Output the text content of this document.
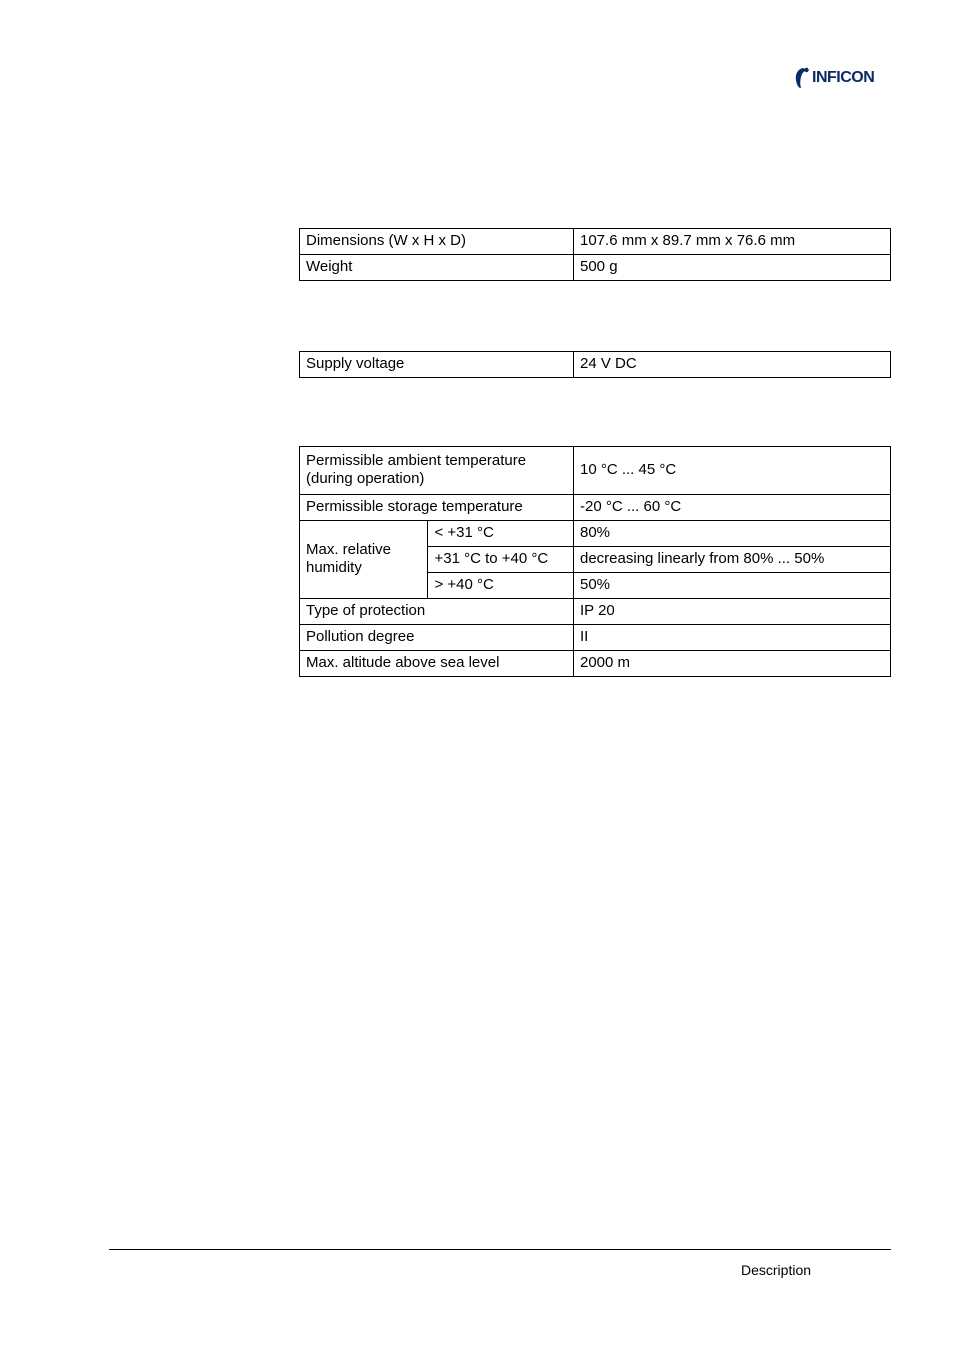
INFICON
Dimensions (W x H x D)	107.6 mm x 89.7 mm x 76.6 mm
Weight	500 g
Supply voltage	24 V DC
Permissible ambient temperature (during operation)		10 °C ... 45 °C
Permissible storage temperature		-20 °C ... 60 °C
Max. relative humidity	< +31 °C	80%
	+31 °C to +40 °C	decreasing linearly from 80% ... 50%
	> +40 °C	50%
Type of protection		IP 20
Pollution degree		II
Max. altitude above sea level		2000 m
Description
